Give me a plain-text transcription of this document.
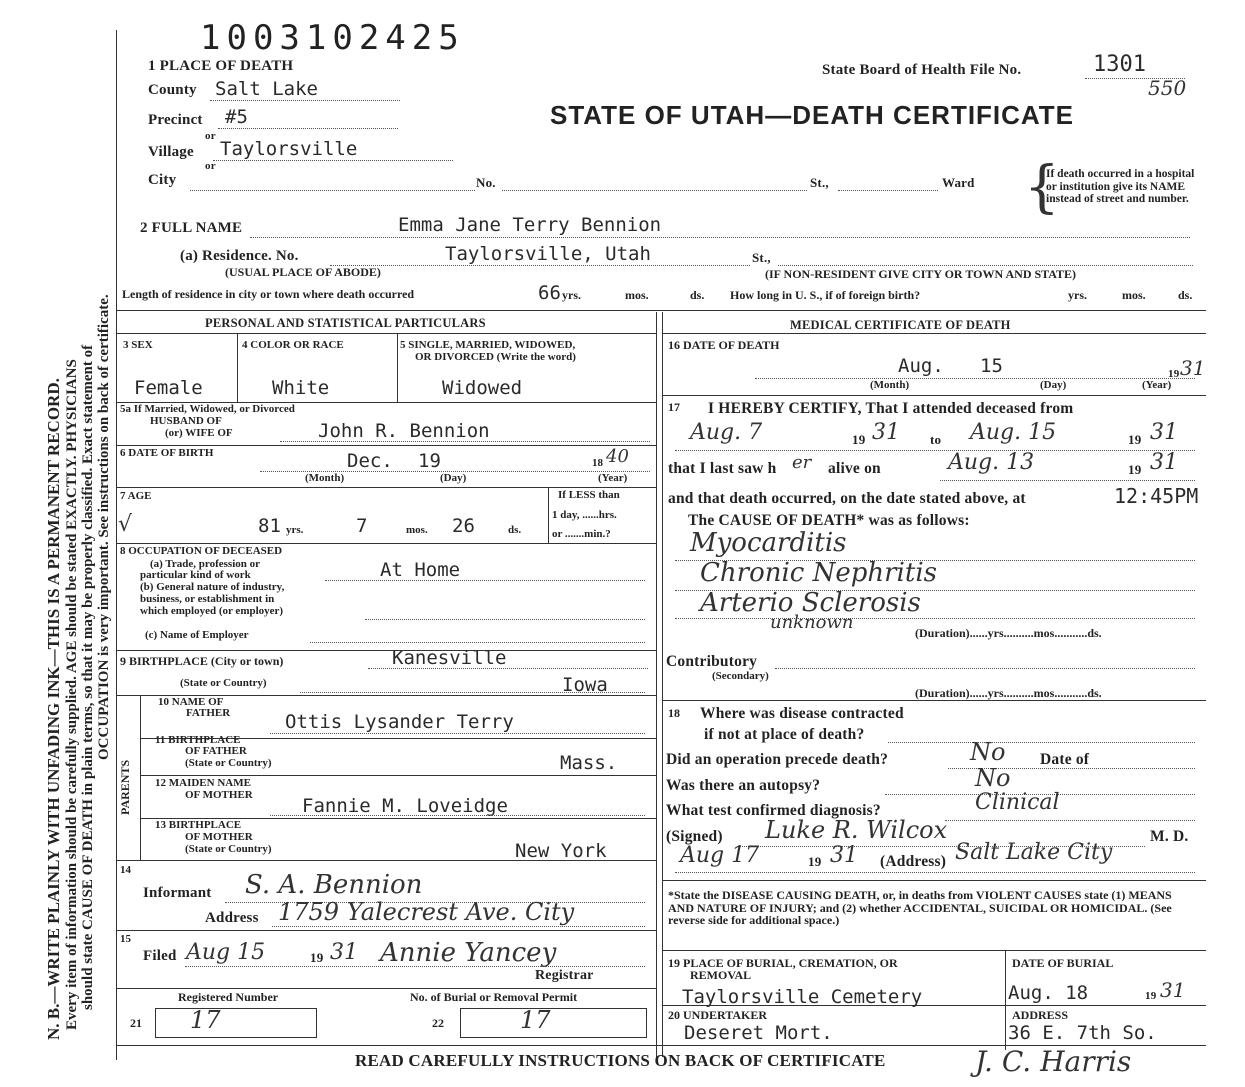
N. B.—WRITE PLAINLY WITH UNFADING INK—THIS IS A PERMANENT RECORD. Every item of information should be carefully supplied. AGE should be stated EXACTLY. PHYSICIANS should state CAUSE OF DEATH in plain terms, so that it may be properly classified. Exact statement of OCCUPATION is very important. See instructions on back of certificate.
1003102425
State Board of Health File No.	1301
550
STATE OF UTAH—DEATH CERTIFICATE
1 PLACE OF DEATH
County Salt Lake
Precinct #5
or
Village Taylorsville
or
City	No.	St.,	Ward {
If death occurred in a hospital or institution give its NAME instead of street and number.
2 FULL NAME	Emma Jane Terry Bennion
(a) Residence. No.	Taylorsville, Utah	St.,
(USUAL PLACE OF ABODE)	(IF NON-RESIDENT GIVE CITY OR TOWN AND STATE)
Length of residence in city or town where death occurred	66 yrs.	mos.	ds. How long in U. S., if of foreign birth?	yrs.	mos.	ds.
PERSONAL AND STATISTICAL PARTICULARS
3 SEX
Female
4 COLOR OR RACE
White
5 SINGLE, MARRIED, WIDOWED,
OR DIVORCED (Write the word)
Widowed
5a If Married, Widowed, or Divorced
HUSBAND OF
(or) WIFE OF	John R. Bennion
6 DATE OF BIRTH	Dec. 19	18 40
(Month)	(Day)	(Year)
7 AGE
√	81 yrs.	7	mos. 26	ds.
If LESS than
1 day, ......hrs.
or .......min.?
8 OCCUPATION OF DECEASED
(a) Trade, profession or
particular kind of work	At Home
(b) General nature of industry,
business, or establishment in
which employed (or employer)
(c) Name of Employer
9 BIRTHPLACE (City or town)	Kanesville
(State or Country)	Iowa
PARENTS
10 NAME OF
FATHER	Ottis Lysander Terry
11 BIRTHPLACE
OF FATHER
(State or Country)	Mass.
12 MAIDEN NAME
OF MOTHER	Fannie M. Loveidge
13 BIRTHPLACE
OF MOTHER
(State or Country)	New York
14
Informant S. A. Bennion
Address 1759 Yalecrest Ave. City
15
Filed Aug 15	19 31 Annie Yancey
Registrar
Registered Number
21 17
No. of Burial or Removal Permit
22	17
MEDICAL CERTIFICATE OF DEATH
16 DATE OF DEATH
Aug. 15	19 31
(Month)	(Day)	(Year)
17 I HEREBY CERTIFY, That I attended deceased from
Aug. 7	19 31 to Aug. 15	19 31
that I last saw h er alive on	Aug. 13	19 31
and that death occurred, on the date stated above, at	12:45PM
The CAUSE OF DEATH* was as follows:
Myocarditis
Chronic Nephritis
Arterio Sclerosis
unknown	(Duration)......yrs..........mos...........ds.
Contributory
(Secondary)
(Duration)......yrs..........mos...........ds.
18 Where was disease contracted
if not at place of death?
Did an operation precede death?	No Date of
Was there an autopsy?	No
What test confirmed diagnosis?	Clinical
(Signed) Luke R. Wilcox	M. D.
Aug 17	19 31 (Address) Salt Lake City
*State the DISEASE CAUSING DEATH, or, in deaths from VIOLENT CAUSES state (1) MEANS AND NATURE OF INJURY; and (2) whether ACCIDENTAL, SUICIDAL OR HOMICIDAL. (See reverse side for additional space.)
19 PLACE OF BURIAL, CREMATION, OR
REMOVAL
Taylorsville Cemetery
DATE OF BURIAL
Aug. 18	19 31
20 UNDERTAKER
Deseret Mort.
ADDRESS
36 E. 7th So.
READ CAREFULLY INSTRUCTIONS ON BACK OF CERTIFICATE	J. C. Harris
